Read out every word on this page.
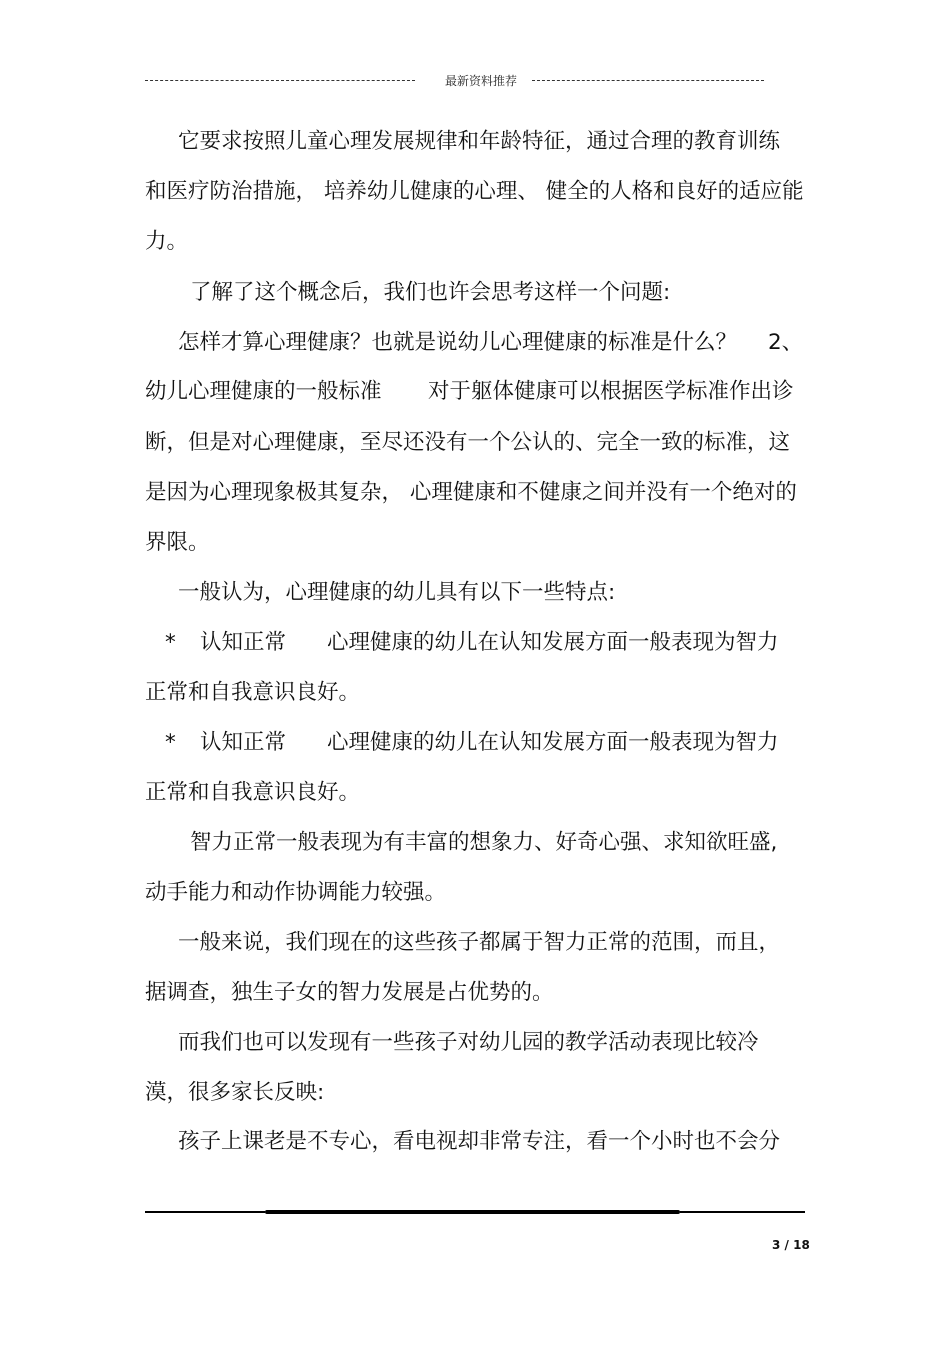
最新资料推荐
它要求按照儿童心理发展规律和年龄特征，通过合理的教育训练
和医疗防治措施， 培养幼儿健康的心理、 健全的人格和良好的适应能
力。
了解了这个概念后，我们也许会思考这样一个问题:
怎样才算心理健康？也就是说幼儿心理健康的标准是什么？ 2、
幼儿心理健康的一般标准 对于躯体健康可以根据医学标准作出诊
断，但是对心理健康，至尽还没有一个公认的、完全一致的标准，这
是因为心理现象极其复杂， 心理健康和不健康之间并没有一个绝对的
界限。
一般认为，心理健康的幼儿具有以下一些特点:
* 认知正常 心理健康的幼儿在认知发展方面一般表现为智力
正常和自我意识良好。
* 认知正常 心理健康的幼儿在认知发展方面一般表现为智力
正常和自我意识良好。
智力正常一般表现为有丰富的想象力、好奇心强、求知欲旺盛,
动手能力和动作协调能力较强。
一般来说，我们现在的这些孩子都属于智力正常的范围，而且，
据调查，独生子女的智力发展是占优势的。
而我们也可以发现有一些孩子对幼儿园的教学活动表现比较冷
漠，很多家长反映:
孩子上课老是不专心，看电视却非常专注，看一个小时也不会分
3 / 18
